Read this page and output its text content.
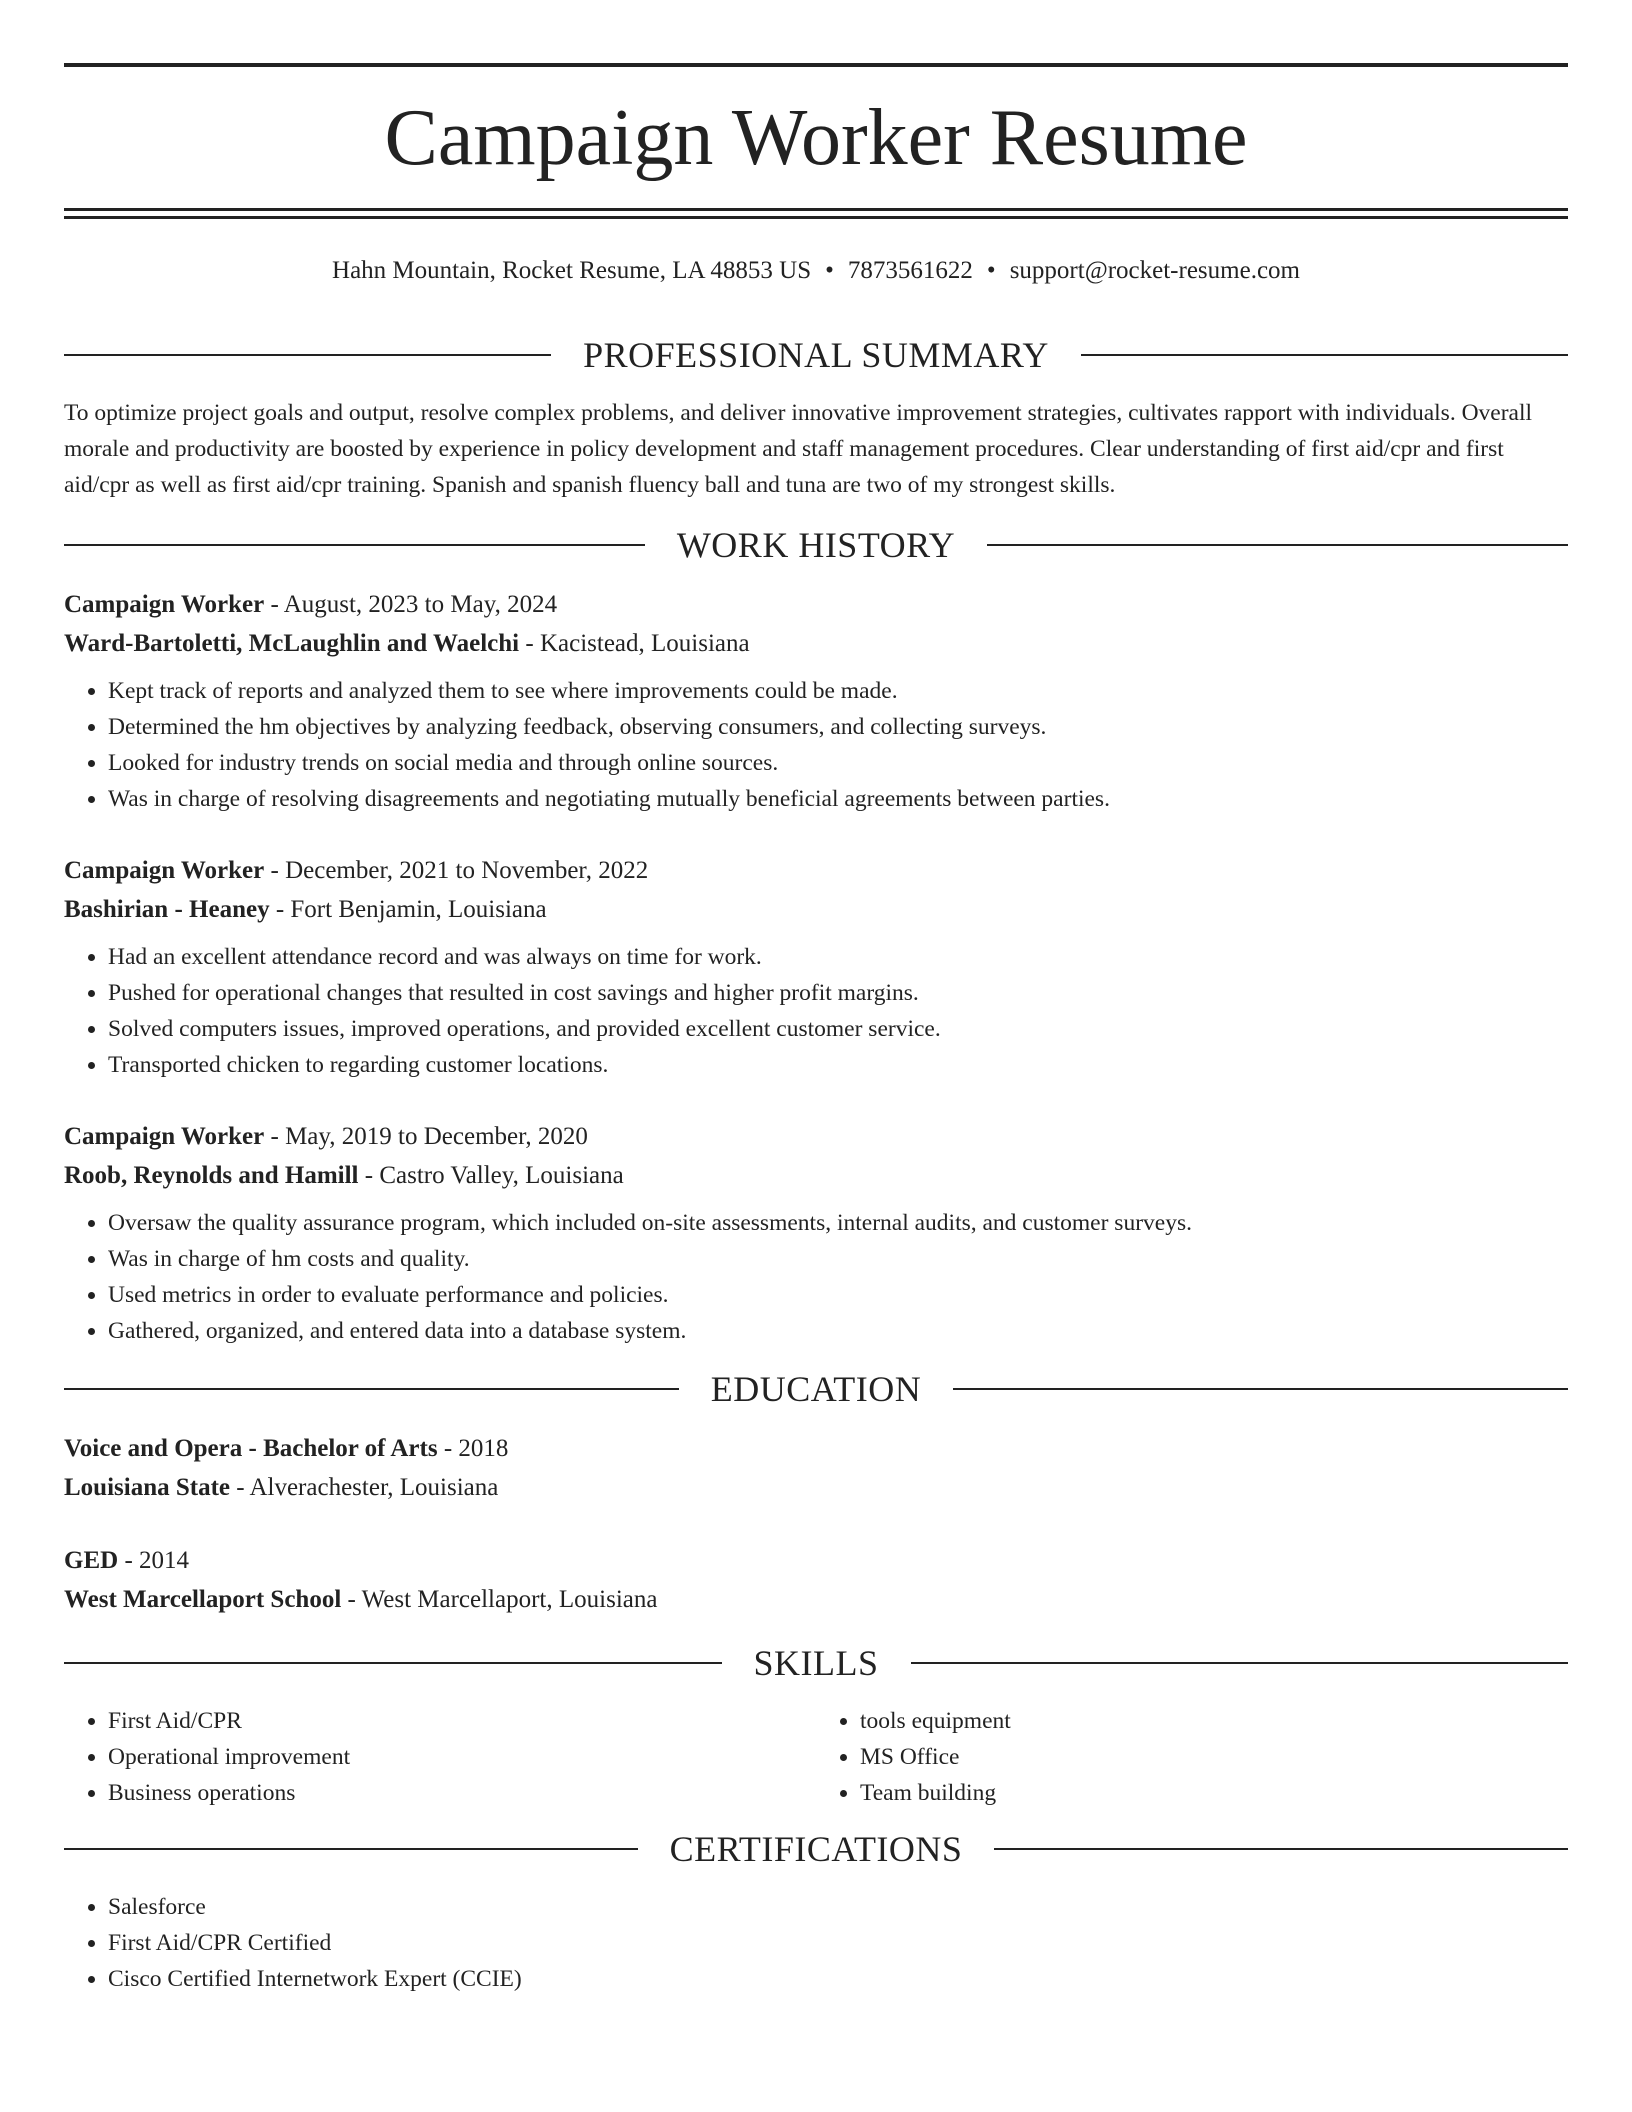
Campaign Worker Resume
Hahn Mountain, Rocket Resume, LA 48853 US • 7873561622 • support@rocket-resume.com
PROFESSIONAL SUMMARY

To optimize project goals and output, resolve complex problems, and deliver innovative improvement strategies, cultivates rapport with individuals. Overall morale and productivity are boosted by experience in policy development and staff management procedures. Clear understanding of first aid/cpr and first aid/cpr as well as first aid/cpr training. Spanish and spanish fluency ball and tuna are two of my strongest skills.

WORK HISTORY
Campaign Worker - August, 2023 to May, 2024
Ward-Bartoletti, McLaughlin and Waelchi - Kacistead, Louisiana
• Kept track of reports and analyzed them to see where improvements could be made.
• Determined the hm objectives by analyzing feedback, observing consumers, and collecting surveys.
• Looked for industry trends on social media and through online sources.
• Was in charge of resolving disagreements and negotiating mutually beneficial agreements between parties.
Campaign Worker - December, 2021 to November, 2022
Bashirian - Heaney - Fort Benjamin, Louisiana
• Had an excellent attendance record and was always on time for work.
• Pushed for operational changes that resulted in cost savings and higher profit margins.
• Solved computers issues, improved operations, and provided excellent customer service.
• Transported chicken to regarding customer locations.
Campaign Worker - May, 2019 to December, 2020
Roob, Reynolds and Hamill - Castro Valley, Louisiana
• Oversaw the quality assurance program, which included on-site assessments, internal audits, and customer surveys.
• Was in charge of hm costs and quality.
• Used metrics in order to evaluate performance and policies.
• Gathered, organized, and entered data into a database system.
EDUCATION
Voice and Opera - Bachelor of Arts - 2018
Louisiana State - Alverachester, Louisiana
GED - 2014
West Marcellaport School - West Marcellaport, Louisiana
SKILLS
• First Aid/CPR
• Operational improvement
• Business operations
• tools equipment
• MS Office
• Team building
CERTIFICATIONS
• Salesforce
• First Aid/CPR Certified
• Cisco Certified Internetwork Expert (CCIE)
